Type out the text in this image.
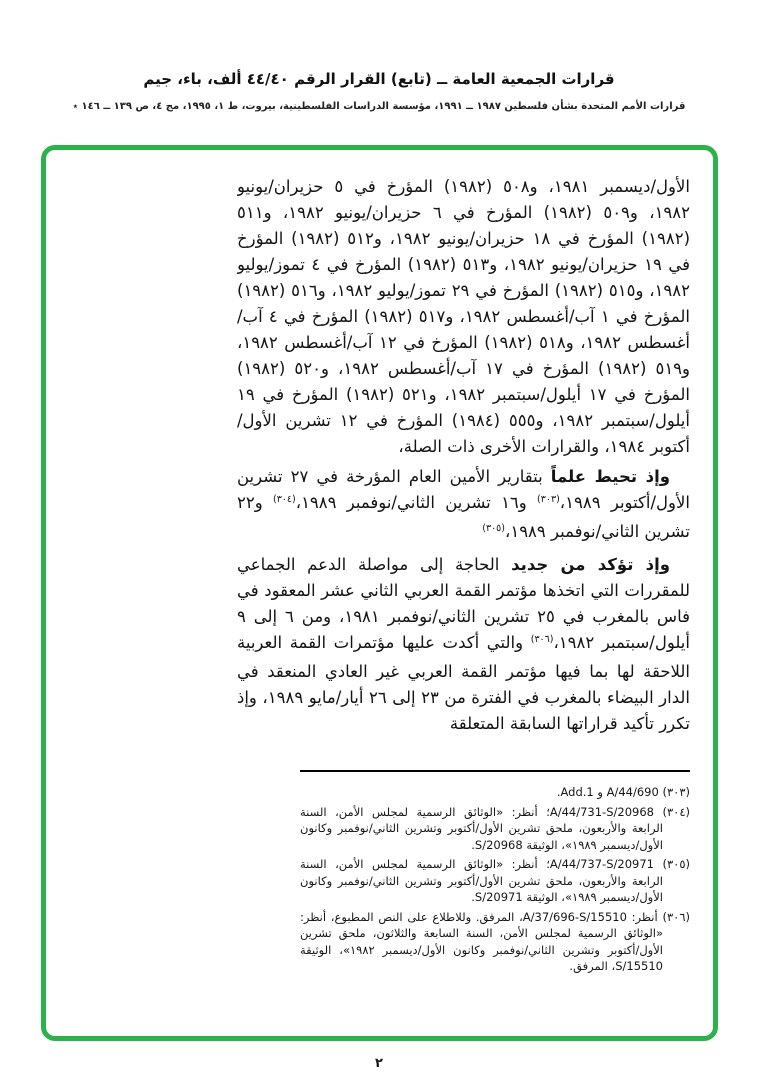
قرارات الجمعية العامة ــ (تابع) القرار الرقم ٤٤/٤٠ ألف، باء، جيم
قرارات الأمم المتحدة بشأن فلسطين ١٩٨٧ ــ ١٩٩١، مؤسسة الدراسات الفلسطينية، بيروت، ط ١، ١٩٩٥، مج ٤، ص ١٣٩ ــ ١٤٦ ٭

الأول/ديسمبر ١٩٨١، و٥٠٨ (١٩٨٢) المؤرخ في ٥ حزيران/يونيو ١٩٨٢، و٥٠٩ (١٩٨٢) المؤرخ في ٦ حزيران/يونيو ١٩٨٢، و٥١١ (١٩٨٢) المؤرخ في ١٨ حزيران/يونيو ١٩٨٢، و٥١٢ (١٩٨٢) المؤرخ في ١٩ حزيران/يونيو ١٩٨٢، و٥١٣ (١٩٨٢) المؤرخ في ٤ تموز/يوليو ١٩٨٢، و٥١٥ (١٩٨٢) المؤرخ في ٢٩ تموز/يوليو ١٩٨٢، و٥١٦ (١٩٨٢) المؤرخ في ١ آب/أغسطس ١٩٨٢، و٥١٧ (١٩٨٢) المؤرخ في ٤ آب/أغسطس ١٩٨٢، و٥١٨ (١٩٨٢) المؤرخ في ١٢ آب/أغسطس ١٩٨٢، و٥١٩ (١٩٨٢) المؤرخ في ١٧ آب/أغسطس ١٩٨٢، و٥٢٠ (١٩٨٢) المؤرخ في ١٧ أيلول/سبتمبر ١٩٨٢، و٥٢١ (١٩٨٢) المؤرخ في ١٩ أيلول/سبتمبر ١٩٨٢، و٥٥٥ (١٩٨٤) المؤرخ في ١٢ تشرين الأول/أكتوبر ١٩٨٤، والقرارات الأخرى ذات الصلة،

وإذ تحيط علماً بتقارير الأمين العام المؤرخة في ٢٧ تشرين الأول/أكتوبر ١٩٨٩،$^{(٣٠٣)}$ و١٦ تشرين الثاني/نوفمبر ١٩٨٩،$^{(٣٠٤)}$ و٢٢ تشرين الثاني/نوفمبر ١٩٨٩،$^{(٣٠٥)}$

وإذ تؤكد من جديد الحاجة إلى مواصلة الدعم الجماعي للمقررات التي اتخذها مؤتمر القمة العربي الثاني عشر المعقود في فاس بالمغرب في ٢٥ تشرين الثاني/نوفمبر ١٩٨١، ومن ٦ إلى ٩ أيلول/سبتمبر ١٩٨٢،$^{(٣٠٦)}$ والتي أكدت عليها مؤتمرات القمة العربية اللاحقة لها بما فيها مؤتمر القمة العربي غير العادي المنعقد في الدار البيضاء بالمغرب في الفترة من ٢٣ إلى ٢٦ أيار/مايو ١٩٨٩، وإذ تكرر تأكيد قراراتها السابقة المتعلقة

(٣٠٣) A/44/690 و Add.1.

(٣٠٤) A/44/731-S/20968؛ أنظر: «الوثائق الرسمية لمجلس الأمن، السنة الرابعة والأربعون، ملحق تشرين الأول/أكتوبر وتشرين الثاني/نوفمبر وكانون الأول/ديسمبر ١٩٨٩»، الوثيقة S/20968.

(٣٠٥) A/44/737-S/20971؛ أنظر: «الوثائق الرسمية لمجلس الأمن، السنة الرابعة والأربعون، ملحق تشرين الأول/أكتوبر وتشرين الثاني/نوفمبر وكانون الأول/ديسمبر ١٩٨٩»، الوثيقة S/20971.

(٣٠٦) أنظر: A/37/696-S/15510، المرفق. وللاطلاع على النص المطبوع، أنظر: «الوثائق الرسمية لمجلس الأمن، السنة السابعة والثلاثون، ملحق تشرين الأول/أكتوبر وتشرين الثاني/نوفمبر وكانون الأول/ديسمبر ١٩٨٢»، الوثيقة S/15510، المرفق.

٢
